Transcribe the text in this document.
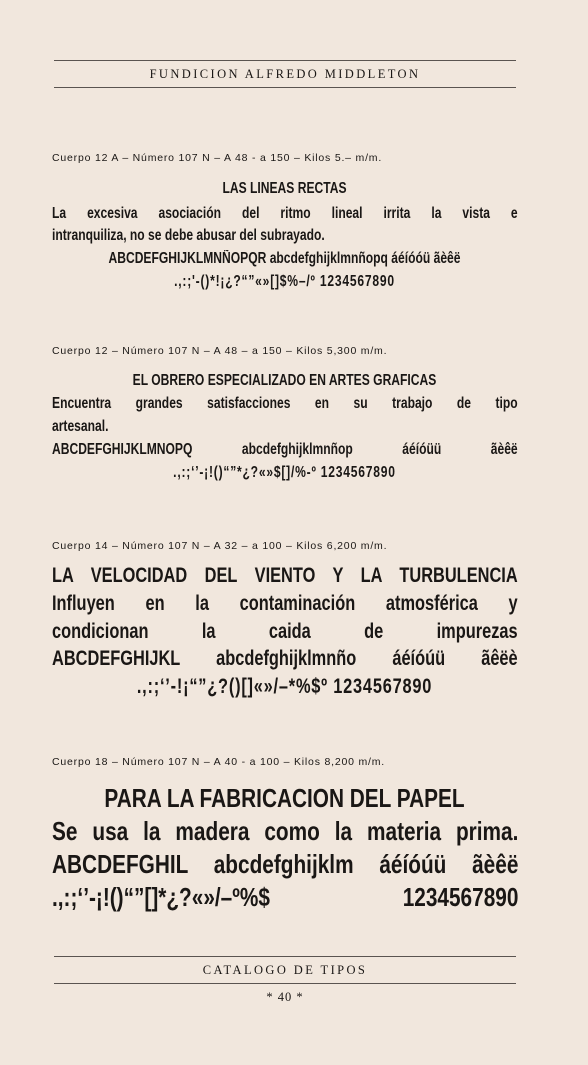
FUNDICION ALFREDO MIDDLETON
Cuerpo 12 A – Número 107 N – A 48 - a 150 – Kilos 5.– m/m.
LAS LINEAS RECTAS
La excesiva asociación del ritmo lineal irrita la vista e
intranquiliza, no se debe abusar del subrayado.
ABCDEFGHIJKLMNÑOPQR abcdefghijklmnñopq áéíóóü ãèêë
.,:;'-()*!¡¿?“”«»[]$%–/º 1234567890
Cuerpo 12 – Número 107 N – A 48 – a 150 – Kilos 5,300 m/m.
EL OBRERO ESPECIALIZADO EN ARTES GRAFICAS
Encuentra grandes satisfacciones en su trabajo de tipo
artesanal.
ABCDEFGHIJKLMNOPQ abcdefghijklmnñop áéíóüü ãèêë
.,:;‘’-¡!()“”*¿?«»$[]/%-º 1234567890
Cuerpo 14 – Número 107 N – A 32 – a 100 – Kilos 6,200 m/m.
LA VELOCIDAD DEL VIENTO Y LA TURBULENCIA
Influyen en la contaminación atmosférica y
condicionan la caida de impurezas
ABCDEFGHIJKL abcdefghijklmnño áéíóúü ãêëè
.,:;‘’-!¡“”¿?()[]«»/–*%$º 1234567890
Cuerpo 18 – Número 107 N – A 40 - a 100 – Kilos 8,200 m/m.
PARA LA FABRICACION DEL PAPEL
Se usa la madera como la materia prima.
ABCDEFGHIL abcdefghijklm áéíóúü ãèêë
.,:;‘’-¡!()“”[]*¿?«»/–º%$ 1234567890
CATALOGO DE TIPOS
* 40 *
